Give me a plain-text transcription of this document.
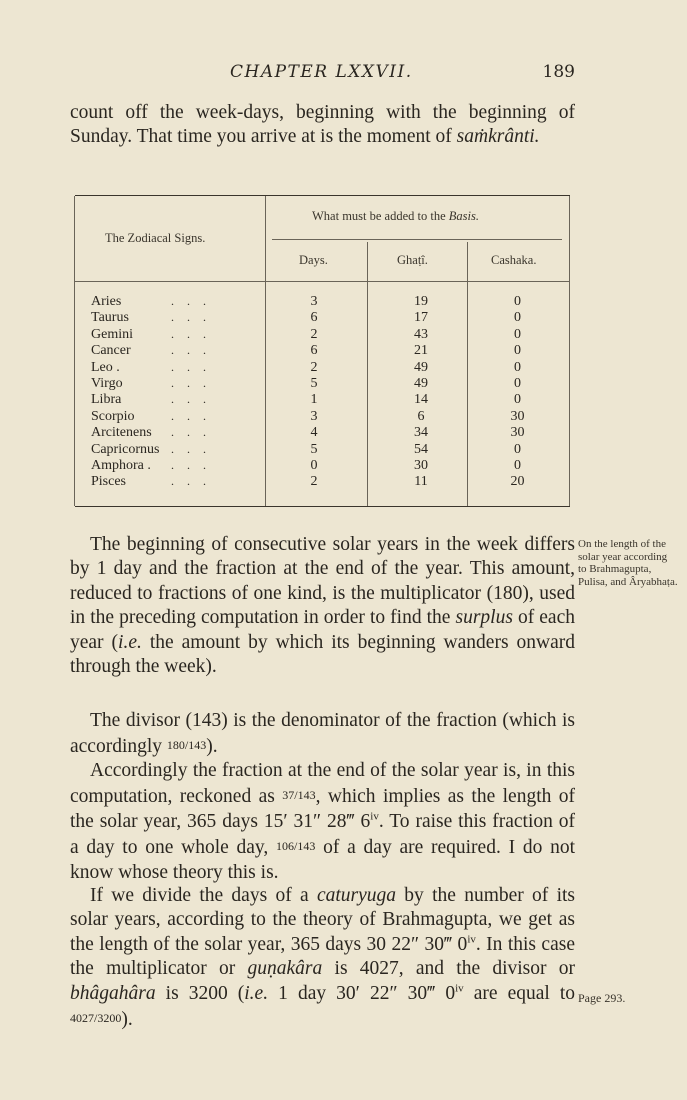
CHAPTER LXXVII.	189

count off the week-days, beginning with the beginning of Sunday. That time you arrive at is the moment of saṁkrânti.

The Zodiacal Signs.
What must be added to the Basis.
Days.	Ghaṭî.	Cashaka.
Aries	...	3	19	0
Taurus	...	6	17	0
Gemini	...	2	43	0
Cancer	...	6	21	0
Leo .	...	2	49	0
Virgo	...	5	49	0
Libra	...	1	14	0
Scorpio	...	3	6	30
Arcitenens ...	4	34	30
Capricornus ...	5	54	0
Amphora . ...	0	30	0
Pisces	...	2	11	20

The beginning of consecutive solar years in the week differs by 1 day and the fraction at the end of the year. This amount, reduced to fractions of one kind, is the multiplicator (180), used in the preceding computation in order to find the surplus of each year (i.e. the amount by which its beginning wanders onward through the week).

The divisor (143) is the denominator of the fraction (which is accordingly 180/143).

Accordingly the fraction at the end of the solar year is, in this computation, reckoned as 37/143, which implies as the length of the solar year, 365 days 15′ 31″ 28‴ 6$^{iv}$. To raise this fraction of a day to one whole day, 106/143 of a day are required. I do not know whose theory this is.

If we divide the days of a caturyuga by the number of its solar years, according to the theory of Brahmagupta, we get as the length of the solar year, 365 days 30 22″ 30‴ 0$^{iv}$. In this case the multiplicator or guṇakâra is 4027, and the divisor or bhâgahâra is 3200 (i.e. 1 day 30′ 22″ 30‴ 0$^{iv}$ are equal to 4027/3200).

On the length of the solar year according to Brahmagupta, Pulisa, and Âryabhaṭa.
Page 293.
